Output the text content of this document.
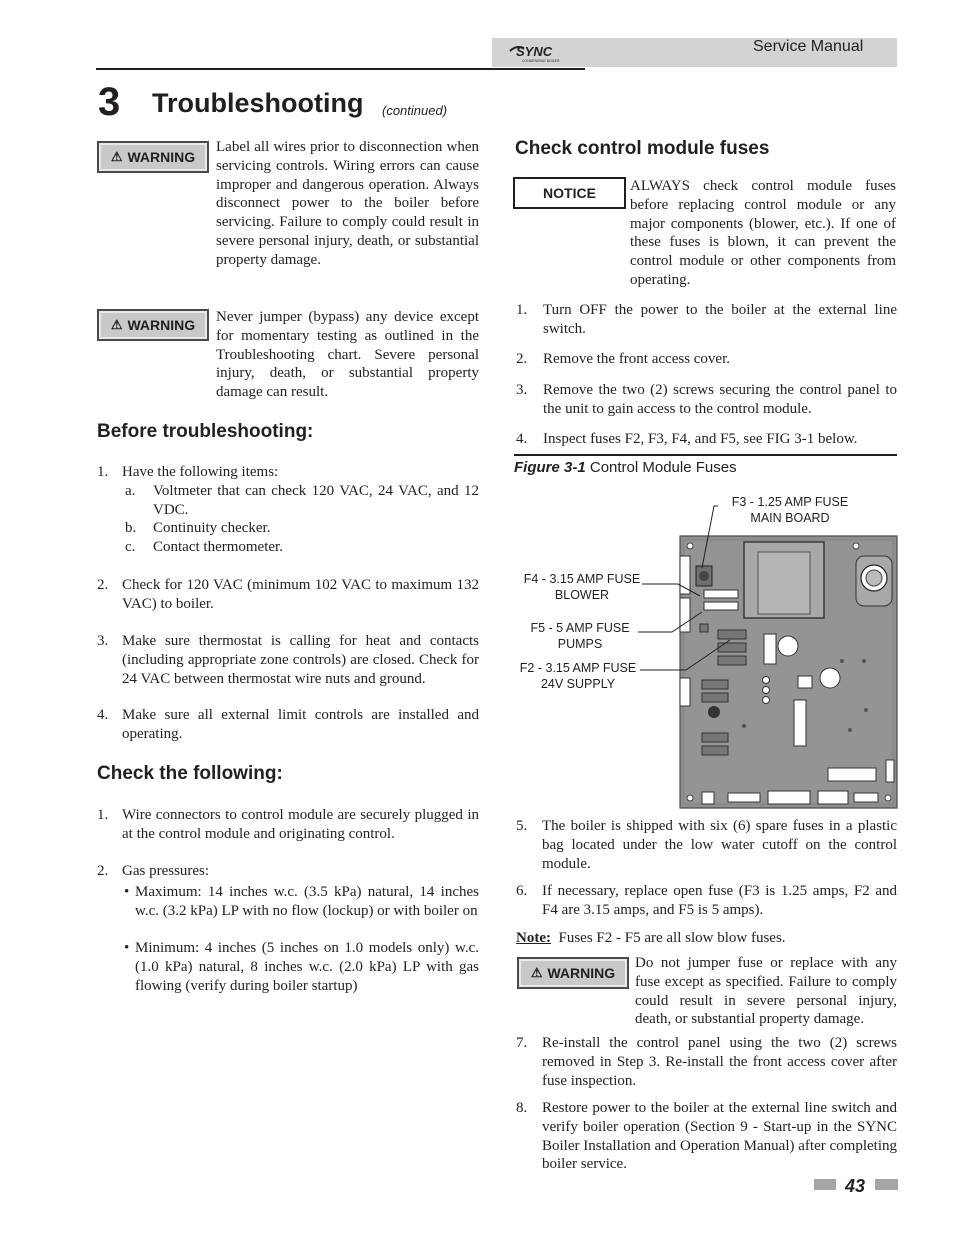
SYNC
CONDENSING BOILER
Service Manual
3 Troubleshooting (continued)
⚠ WARNING
Label all wires prior to disconnection when servicing controls. Wiring errors can cause improper and dangerous operation. Always disconnect power to the boiler before servicing. Failure to comply could result in severe personal injury, death, or substantial property damage.
⚠ WARNING Never jumper (bypass) any device except for momentary testing as outlined in the Troubleshooting chart. Severe personal injury, death, or substantial property damage can result.
Before troubleshooting:
1. Have the following items:
a. Voltmeter that can check 120 VAC, 24 VAC, and 12 VDC.
b. Continuity checker.
c. Contact thermometer.
2. Check for 120 VAC (minimum 102 VAC to maximum 132 VAC) to boiler.
3. Make sure thermostat is calling for heat and contacts (including appropriate zone controls) are closed. Check for 24 VAC between thermostat wire nuts and ground.
4. Make sure all external limit controls are installed and operating.
Check the following:
1. Wire connectors to control module are securely plugged in at the control module and originating control.
2. Gas pressures:
• Maximum: 14 inches w.c. (3.5 kPa) natural, 14 inches w.c. (3.2 kPa) LP with no flow (lockup) or with boiler on
• Minimum: 4 inches (5 inches on 1.0 models only) w.c. (1.0 kPa) natural, 8 inches w.c. (2.0 kPa) LP with gas flowing (verify during boiler startup)
Check control module fuses
NOTICE	ALWAYS check control module fuses before replacing control module or any major components (blower, etc.). If one of these fuses is blown, it can prevent the control module or other components from operating.
1. Turn OFF the power to the boiler at the external line switch.
2. Remove the front access cover.
3. Remove the two (2) screws securing the control panel to the unit to gain access to the control module.
4. Inspect fuses F2, F3, F4, and F5, see FIG 3-1 below.
Figure 3-1 Control Module Fuses
F3 - 1.25 AMP FUSE
MAIN BOARD
F4 - 3.15 AMP FUSE
BLOWER
F5 - 5 AMP FUSE
PUMPS
F2 - 3.15 AMP FUSE
24V SUPPLY
5. The boiler is shipped with six (6) spare fuses in a plastic bag located under the low water cutoff on the control module.
6. If necessary, replace open fuse (F3 is 1.25 amps, F2 and F4 are 3.15 amps, and F5 is 5 amps).
Note: Fuses F2 - F5 are all slow blow fuses.
⚠ WARNING
Do not jumper fuse or replace with any fuse except as specified. Failure to comply could result in severe personal injury, death, or substantial property damage.
7. Re-install the control panel using the two (2) screws removed in Step 3. Re-install the front access cover after fuse inspection.
8. Restore power to the boiler at the external line switch and verify boiler operation (Section 9 - Start-up in the SYNC Boiler Installation and Operation Manual) after completing boiler service.
43
